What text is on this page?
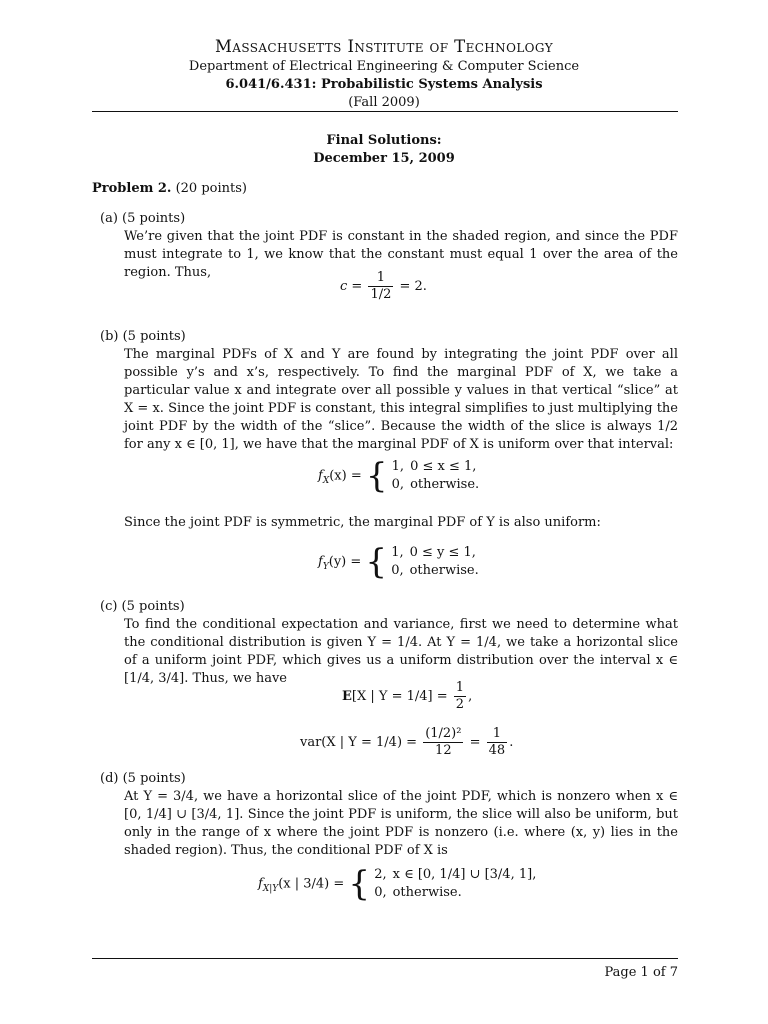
Massachusetts Institute of Technology
Department of Electrical Engineering & Computer Science
6.041/6.431: Probabilistic Systems Analysis
(Fall 2009)
Final Solutions:
December 15, 2009
Problem 2. (20 points)
(a) (5 points)
We’re given that the joint PDF is constant in the shaded region, and since the PDF must integrate to 1, we know that the constant must equal 1 over the area of the region. Thus,
$c = \frac{1}{1/2} = 2$.
(b) (5 points)
The marginal PDFs of X and Y are found by integrating the joint PDF over all possible y’s and x’s, respectively. To find the marginal PDF of X, we take a particular value x and integrate over all possible y values in that vertical “slice” at X = x. Since the joint PDF is constant, this integral simplifies to just multiplying the joint PDF by the width of the “slice”. Because the width of the slice is always 1/2 for any x ∈ [0, 1], we have that the marginal PDF of X is uniform over that interval:
$f_X(x)$ = { 1,	0 ≤ x ≤ 1,
0,	otherwise.
Since the joint PDF is symmetric, the marginal PDF of Y is also uniform:
$f_Y(y)$ = { 1,	0 ≤ y ≤ 1,
0,	otherwise.
(c) (5 points)
To find the conditional expectation and variance, first we need to determine what the conditional distribution is given Y = 1/4. At Y = 1/4, we take a horizontal slice of a uniform joint PDF, which gives us a uniform distribution over the interval x ∈ [1/4, 3/4]. Thus, we have
E[X | $Y = 1/4] = \frac{1}{2}$ ,
var(X | $Y = 1/4) = \frac{\text{(1/2)²}}{12} = \frac{1}{48}$ .
(d) (5 points)
At Y = 3/4, we have a horizontal slice of the joint PDF, which is nonzero when x ∈ [0, 1/4] ∪ [3/4, 1]. Since the joint PDF is uniform, the slice will also be uniform, but only in the range of x where the joint PDF is nonzero (i.e. where (x, y) lies in the shaded region). Thus, the conditional PDF of X is
$f_{X|Y}(x$ | 3/4) = { 2,	x ∈ [0, 1/4] ∪ [3/4, 1],
0,	otherwise.
Page 1 of 7
